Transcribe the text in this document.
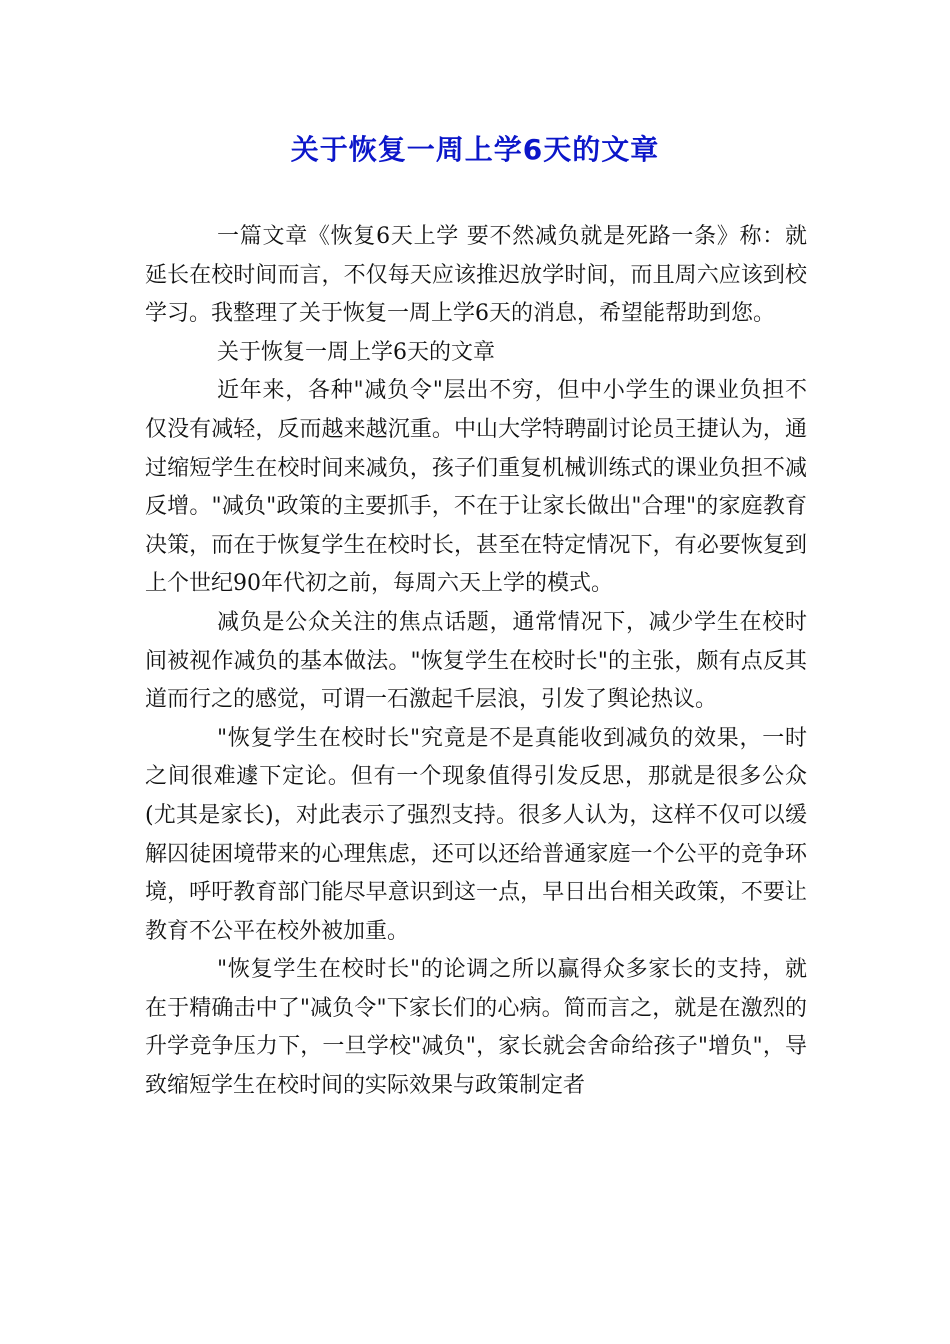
关于恢复一周上学6天的文章

一篇文章《恢复6天上学 要不然减负就是死路一条》称：就延长在校时间而言，不仅每天应该推迟放学时间，而且周六应该到校学习。我整理了关于恢复一周上学6天的消息，希望能帮助到您。

关于恢复一周上学6天的文章

近年来，各种"减负令"层出不穷，但中小学生的课业负担不仅没有减轻，反而越来越沉重。中山大学特聘副讨论员王捷认为，通过缩短学生在校时间来减负，孩子们重复机械训练式的课业负担不减反增。"减负"政策的主要抓手，不在于让家长做出"合理"的家庭教育决策，而在于恢复学生在校时长，甚至在特定情况下，有必要恢复到上个世纪90年代初之前，每周六天上学的模式。

减负是公众关注的焦点话题，通常情况下，减少学生在校时间被视作减负的基本做法。"恢复学生在校时长"的主张，颇有点反其道而行之的感觉，可谓一石激起千层浪，引发了舆论热议。

"恢复学生在校时长"究竟是不是真能收到减负的效果，一时之间很难遽下定论。但有一个现象值得引发反思，那就是很多公众(尤其是家长)，对此表示了强烈支持。很多人认为，这样不仅可以缓解囚徒困境带来的心理焦虑，还可以还给普通家庭一个公平的竞争环境，呼吁教育部门能尽早意识到这一点，早日出台相关政策，不要让教育不公平在校外被加重。

"恢复学生在校时长"的论调之所以赢得众多家长的支持，就在于精确击中了"减负令"下家长们的心病。简而言之，就是在激烈的升学竞争压力下，一旦学校"减负"，家长就会舍命给孩子"增负"，导致缩短学生在校时间的实际效果与政策制定者
